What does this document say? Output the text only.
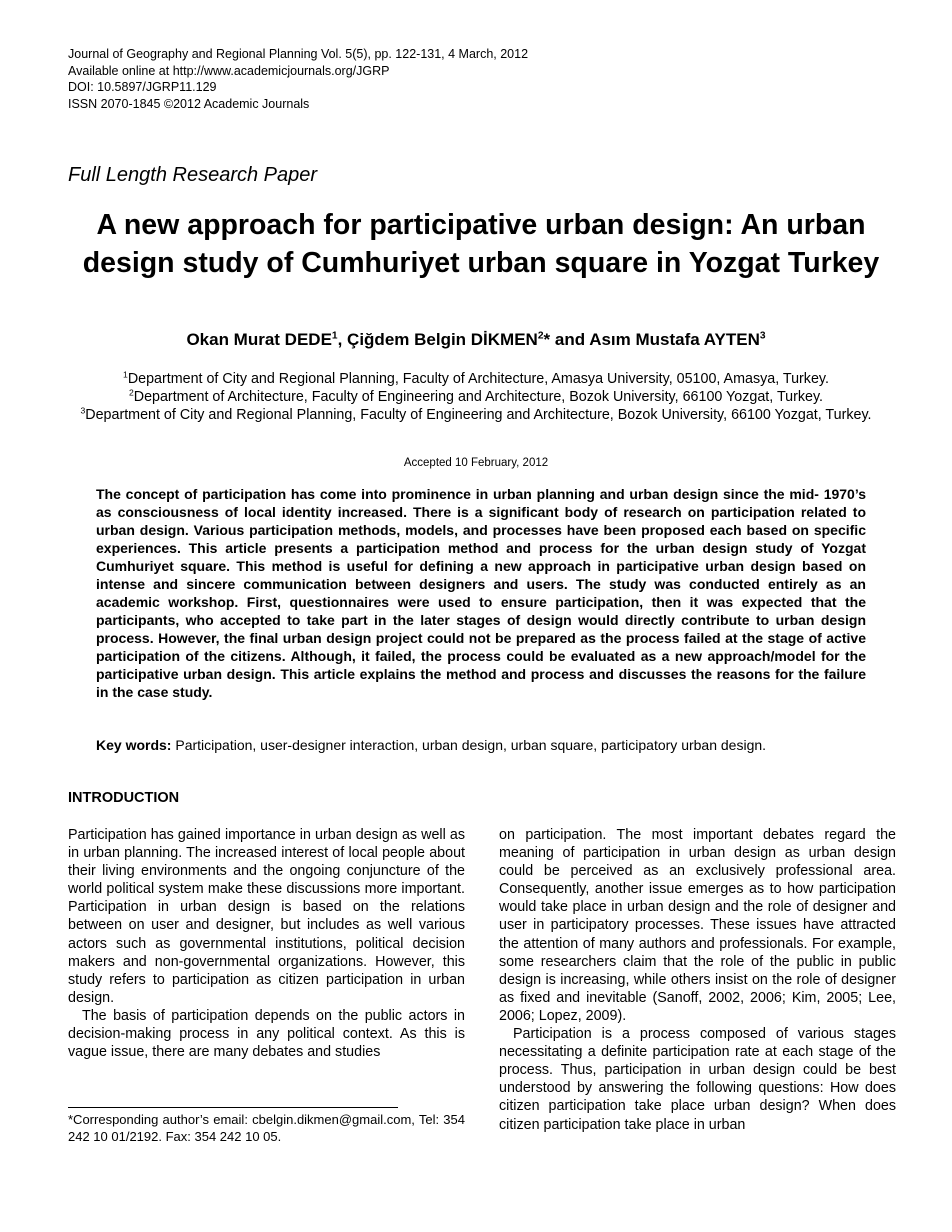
Journal of Geography and Regional Planning Vol. 5(5), pp. 122-131, 4 March, 2012
Available online at http://www.academicjournals.org/JGRP
DOI: 10.5897/JGRP11.129
ISSN 2070-1845 ©2012 Academic Journals
Full Length Research Paper
A new approach for participative urban design: An urban design study of Cumhuriyet urban square in Yozgat Turkey
Okan Murat DEDE$^1$, Çiğdem Belgin DİKMEN$^2$* and Asım Mustafa AYTEN$^3$
$^1$Department of City and Regional Planning, Faculty of Architecture, Amasya University, 05100, Amasya, Turkey.
$^2$Department of Architecture, Faculty of Engineering and Architecture, Bozok University, 66100 Yozgat, Turkey.
$^3$Department of City and Regional Planning, Faculty of Engineering and Architecture, Bozok University, 66100 Yozgat, Turkey.
Accepted 10 February, 2012
The concept of participation has come into prominence in urban planning and urban design since the mid- 1970’s as consciousness of local identity increased. There is a significant body of research on participation related to urban design. Various participation methods, models, and processes have been proposed each based on specific experiences. This article presents a participation method and process for the urban design study of Yozgat Cumhuriyet square. This method is useful for defining a new approach in participative urban design based on intense and sincere communication between designers and users. The study was conducted entirely as an academic workshop. First, questionnaires were used to ensure participation, then it was expected that the participants, who accepted to take part in the later stages of design would directly contribute to urban design process. However, the final urban design project could not be prepared as the process failed at the stage of active participation of the citizens. Although, it failed, the process could be evaluated as a new approach/model for the participative urban design. This article explains the method and process and discusses the reasons for the failure in the case study.
Key words: Participation, user-designer interaction, urban design, urban square, participatory urban design.
INTRODUCTION

Participation has gained importance in urban design as well as in urban planning. The increased interest of local people about their living environments and the ongoing conjuncture of the world political system make these discussions more important. Participation in urban design is based on the relations between on user and designer, but includes as well various actors such as governmental institutions, political decision makers and non-governmental organizations. However, this study refers to participation as citizen participation in urban design.

The basis of participation depends on the public actors in decision-making process in any political context. As this is vague issue, there are many debates and studies

on participation. The most important debates regard the meaning of participation in urban design as urban design could be perceived as an exclusively professional area. Consequently, another issue emerges as to how participation would take place in urban design and the role of designer and user in participatory processes. These issues have attracted the attention of many authors and professionals. For example, some researchers claim that the role of the public in public design is increasing, while others insist on the role of designer as fixed and inevitable (Sanoff, 2002, 2006; Kim, 2005; Lee, 2006; Lopez, 2009).

Participation is a process composed of various stages necessitating a definite participation rate at each stage of the process. Thus, participation in urban design could be best understood by answering the following questions: How does citizen participation take place urban design? When does citizen participation take place in urban

*Corresponding author’s email: cbelgin.dikmen@gmail.com, Tel: 354 242 10 01/2192. Fax: 354 242 10 05.
